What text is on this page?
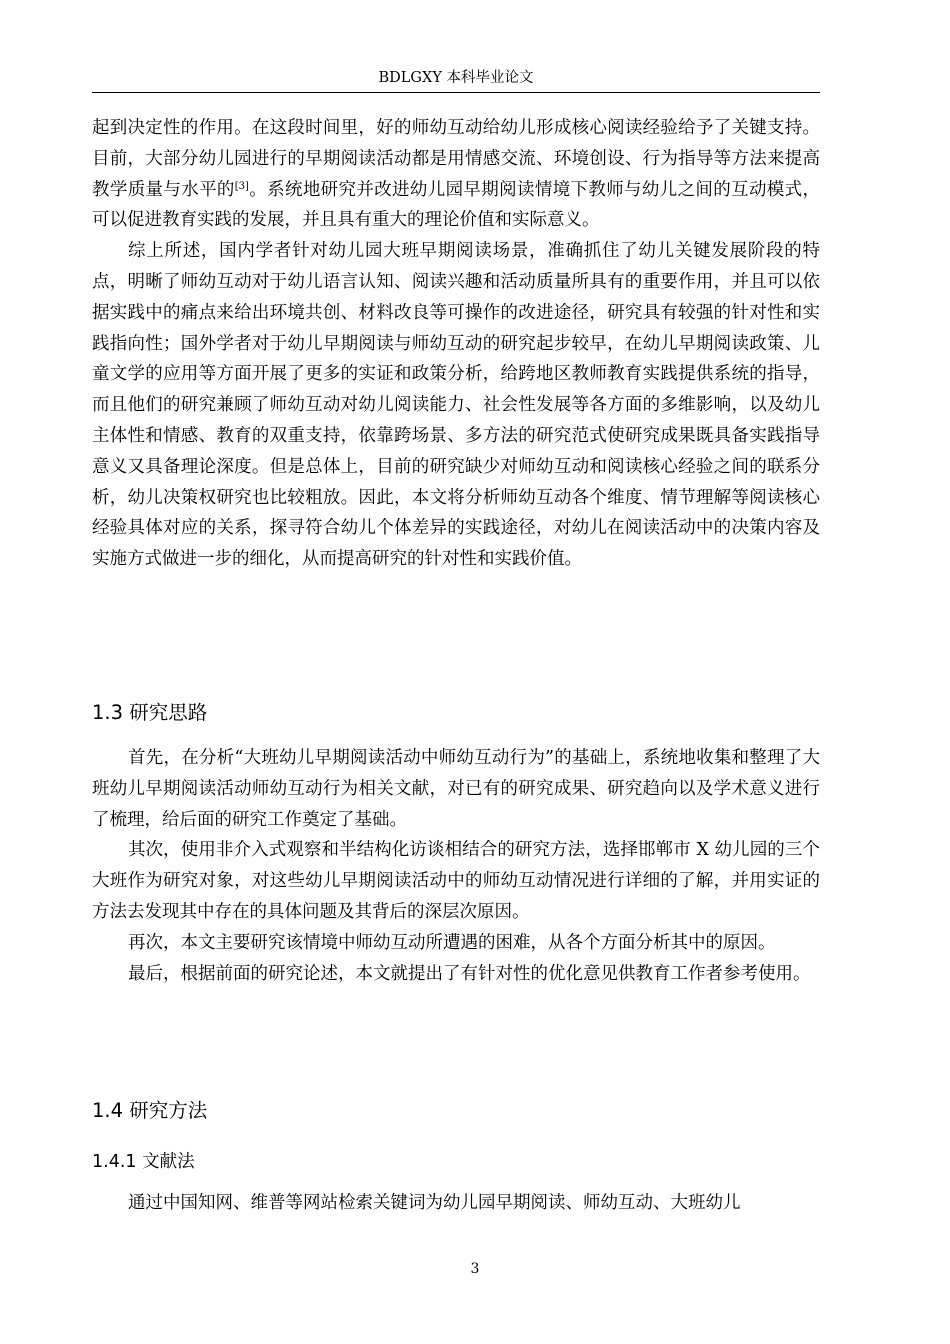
BDLGXY 本科毕业论文

起到决定性的作用。在这段时间里，好的师幼互动给幼儿形成核心阅读经验给予了关键支持。目前，大部分幼儿园进行的早期阅读活动都是用情感交流、环境创设、行为指导等方法来提高教学质量与水平的[3]。系统地研究并改进幼儿园早期阅读情境下教师与幼儿之间的互动模式，可以促进教育实践的发展，并且具有重大的理论价值和实际意义。

综上所述，国内学者针对幼儿园大班早期阅读场景，准确抓住了幼儿关键发展阶段的特点，明晰了师幼互动对于幼儿语言认知、阅读兴趣和活动质量所具有的重要作用，并且可以依据实践中的痛点来给出环境共创、材料改良等可操作的改进途径，研究具有较强的针对性和实践指向性；国外学者对于幼儿早期阅读与师幼互动的研究起步较早，在幼儿早期阅读政策、儿童文学的应用等方面开展了更多的实证和政策分析，给跨地区教师教育实践提供系统的指导，而且他们的研究兼顾了师幼互动对幼儿阅读能力、社会性发展等各方面的多维影响，以及幼儿主体性和情感、教育的双重支持，依靠跨场景、多方法的研究范式使研究成果既具备实践指导意义又具备理论深度。但是总体上，目前的研究缺少对师幼互动和阅读核心经验之间的联系分析，幼儿决策权研究也比较粗放。因此，本文将分析师幼互动各个维度、情节理解等阅读核心经验具体对应的关系，探寻符合幼儿个体差异的实践途径，对幼儿在阅读活动中的决策内容及实施方式做进一步的细化，从而提高研究的针对性和实践价值。

1.3 研究思路

首先，在分析“大班幼儿早期阅读活动中师幼互动行为”的基础上，系统地收集和整理了大班幼儿早期阅读活动师幼互动行为相关文献，对已有的研究成果、研究趋向以及学术意义进行了梳理，给后面的研究工作奠定了基础。

其次，使用非介入式观察和半结构化访谈相结合的研究方法，选择邯郸市 X 幼儿园的三个大班作为研究对象，对这些幼儿早期阅读活动中的师幼互动情况进行详细的了解，并用实证的方法去发现其中存在的具体问题及其背后的深层次原因。

再次，本文主要研究该情境中师幼互动所遭遇的困难，从各个方面分析其中的原因。

最后，根据前面的研究论述，本文就提出了有针对性的优化意见供教育工作者参考使用。

1.4 研究方法
1.4.1 文献法

通过中国知网、维普等网站检索关键词为幼儿园早期阅读、师幼互动、大班幼儿

3
